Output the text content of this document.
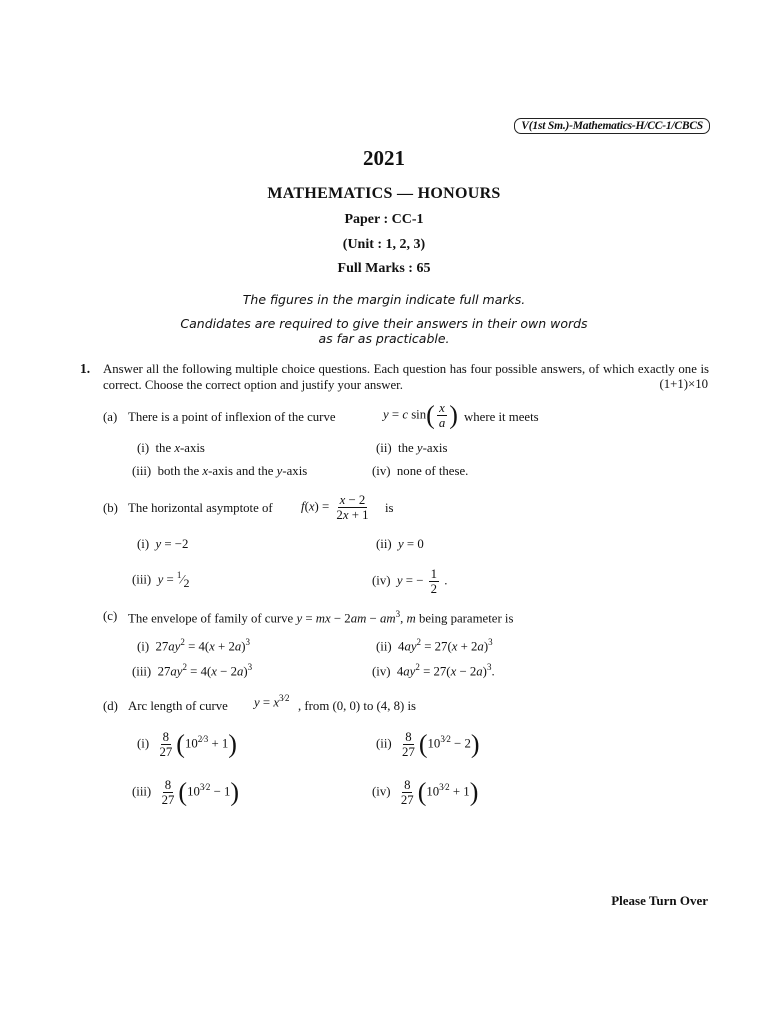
V(1st Sm.)-Mathematics-H/CC-1/CBCS
2021
MATHEMATICS — HONOURS
Paper : CC-1
(Unit : 1, 2, 3)
Full Marks : 65
The figures in the margin indicate full marks.
Candidates are required to give their answers in their own words
as far as practicable.
1. Answer all the following multiple choice questions. Each question has four possible answers, of which exactly one is correct. Choose the correct option and justify your answer.	(1+1)×10
(a) There is a point of inflexion of the curve	y = c $\sin( \frac{x}{a}$ ) where it meets
(i)  the x-axis	(ii)  the y-axis
(iii)  both the x-axis and the y-axis	(iv)  none of these.
(b) The horizontal asymptote of $f(x) = \frac{x - 2}{2x + 1}$ is
(i)  y = −2	(ii)  y = 0
(iii)  $y = ^1⁄_2$	(iv)  y = − $\frac{1}{2}$ .
(c) The envelope of family of curve y = mx − $2am - am^3$, m being parameter is
(i)  $27ay^2 = 4(x + 2a)^3$	(ii)  $4ay^2 = 27(x + 2a)^3$
(iii)  $27ay^2 = 4(x - 2a)^3$	(iv)  $4ay^2 = 27(x - 2a)^3$.
(d) Arc length of curve $y = x^{3⁄2}$
, from (0, 0) to (4, 8) is
$(i) \frac{8}{27} (10^{2⁄3} + 1)$	$(ii) \frac{8}{27} (10^{3⁄2} - 2)$
$(iii) \frac{8}{27} (10^{3⁄2} - 1)$	$(iv) \frac{8}{27} (10^{3⁄2} + 1)$
Please Turn Over
